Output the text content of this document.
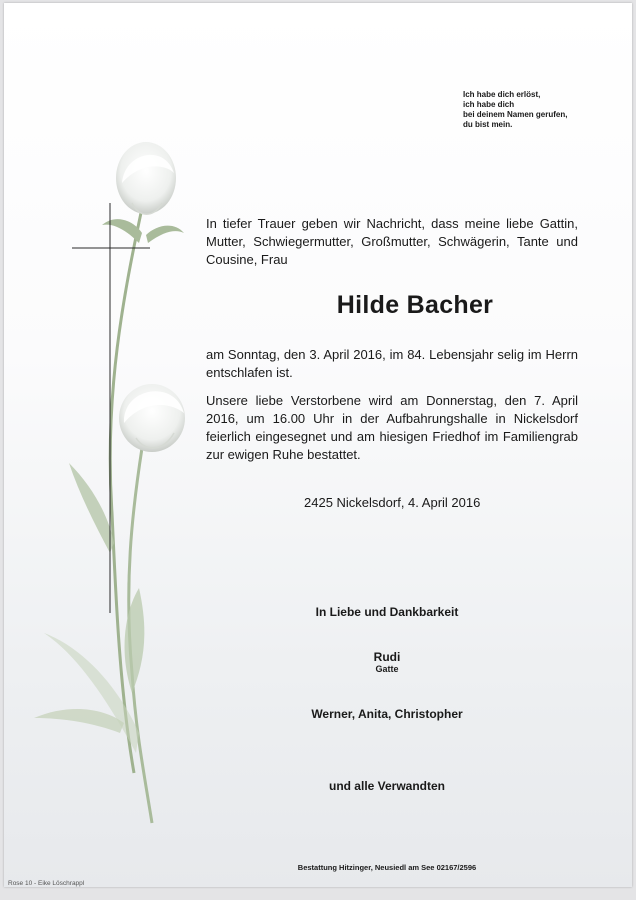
Ich habe dich erlöst,
ich habe dich
bei deinem Namen gerufen,
du bist mein.
In tiefer Trauer geben wir Nachricht, dass meine liebe Gattin, Mutter, Schwiegermutter, Großmutter, Schwägerin, Tante und Cousine, Frau
Hilde Bacher
am Sonntag, den 3. April 2016, im 84. Lebensjahr selig im Herrn entschlafen ist.
Unsere liebe Verstorbene wird am Donnerstag, den 7. April 2016, um 16.00 Uhr in der Aufbahrungshalle in Nickelsdorf feierlich eingesegnet und am hiesigen Friedhof im Familiengrab zur ewigen Ruhe bestattet.
2425 Nickelsdorf, 4. April 2016
In Liebe und Dankbarkeit
Rudi
Gatte
Werner, Anita, Christopher
und alle Verwandten
Bestattung Hitzinger, Neusiedl am See 02167/2596
Rose 10 - Eike Löschrappl
